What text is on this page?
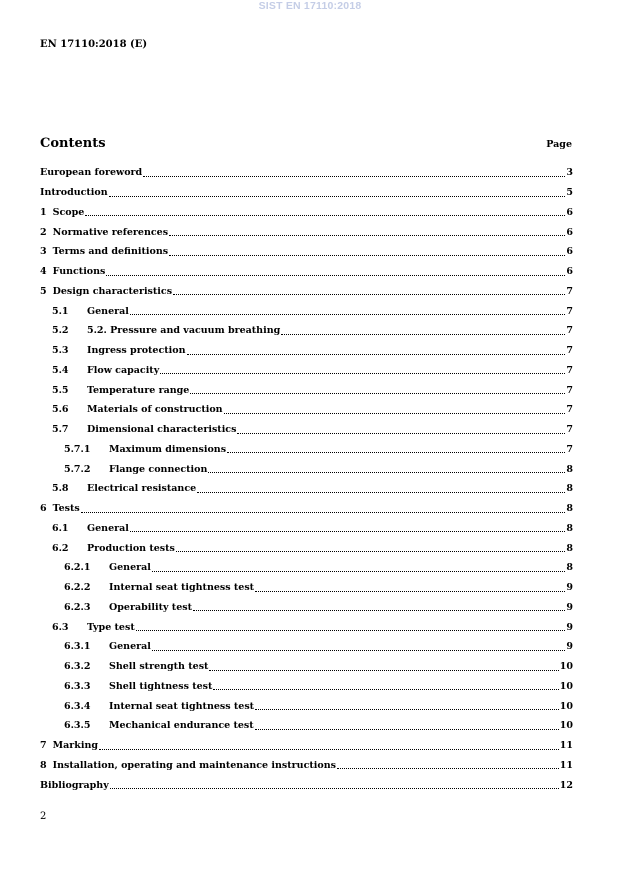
SIST EN 17110:2018
EN 17110:2018 (E)
Contents	Page
European foreword	3
Introduction	5
1 Scope	6
2 Normative references	6
3 Terms and definitions	6
4 Functions	6
5 Design characteristics	7
5.1	General	7
5.2	5.2. Pressure and vacuum breathing	7
5.3	Ingress protection	7
5.4	Flow capacity	7
5.5	Temperature range	7
5.6	Materials of construction	7
5.7	Dimensional characteristics	7
5.7.1	Maximum dimensions	7
5.7.2	Flange connection	8
5.8	Electrical resistance	8
6 Tests	8
6.1	General	8
6.2	Production tests	8
6.2.1	General	8
6.2.2	Internal seat tightness test	9
6.2.3	Operability test	9
6.3	Type test	9
6.3.1	General	9
6.3.2	Shell strength test	10
6.3.3	Shell tightness test	10
6.3.4	Internal seat tightness test	10
6.3.5	Mechanical endurance test	10
7 Marking	11
8 Installation, operating and maintenance instructions	11
Bibliography	12
2
